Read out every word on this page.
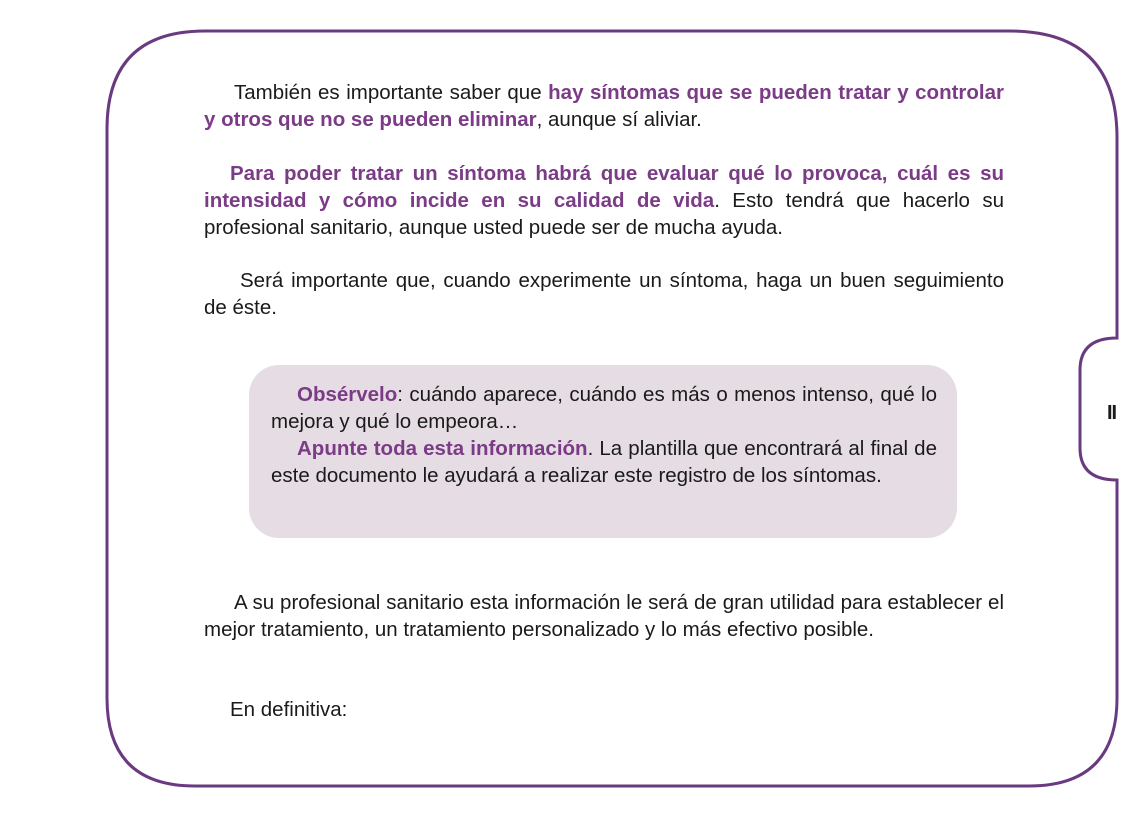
II

También es importante saber que hay síntomas que se pueden tratar y controlar y otros que no se pueden eliminar, aunque sí aliviar.

Para poder tratar un síntoma habrá que evaluar qué lo provoca, cuál es su intensidad y cómo incide en su calidad de vida. Esto tendrá que hacerlo su profesional sanitario, aunque usted puede ser de mucha ayuda.

Será importante que, cuando experimente un síntoma, haga un buen seguimiento de éste.

A su profesional sanitario esta información le será de gran utilidad para establecer el mejor tratamiento, un tratamiento personalizado y lo más efectivo posible.

En definitiva:

Obsérvelo: cuándo aparece, cuándo es más o menos intenso, qué lo mejora y qué lo empeora…

Apunte toda esta información. La plantilla que encontrará al final de este documento le ayudará a realizar este registro de los síntomas.
